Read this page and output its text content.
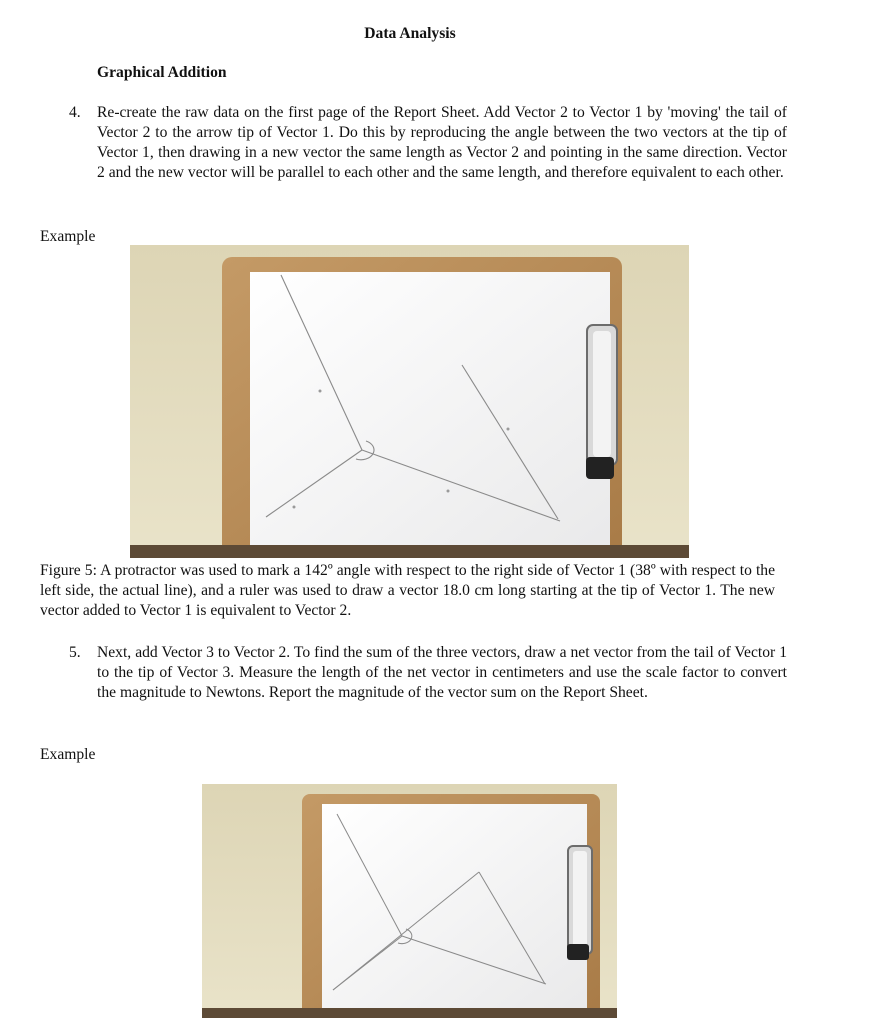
Data Analysis
Graphical Addition
4.	Re-create the raw data on the first page of the Report Sheet. Add Vector 2 to Vector 1 by 'moving' the tail of Vector 2 to the arrow tip of Vector 1. Do this by reproducing the angle between the two vectors at the tip of Vector 1, then drawing in a new vector the same length as Vector 2 and pointing in the same direction. Vector 2 and the new vector will be parallel to each other and the same length, and therefore equivalent to each other.
Example
Figure 5: A protractor was used to mark a 142º angle with respect to the right side of Vector 1 (38º with respect to the left side, the actual line), and a ruler was used to draw a vector 18.0 cm long starting at the tip of Vector 1. The new vector added to Vector 1 is equivalent to Vector 2.
5.	Next, add Vector 3 to Vector 2. To find the sum of the three vectors, draw a net vector from the tail of Vector 1 to the tip of Vector 3. Measure the length of the net vector in centimeters and use the scale factor to convert the magnitude to Newtons. Report the magnitude of the vector sum on the Report Sheet.
Example
